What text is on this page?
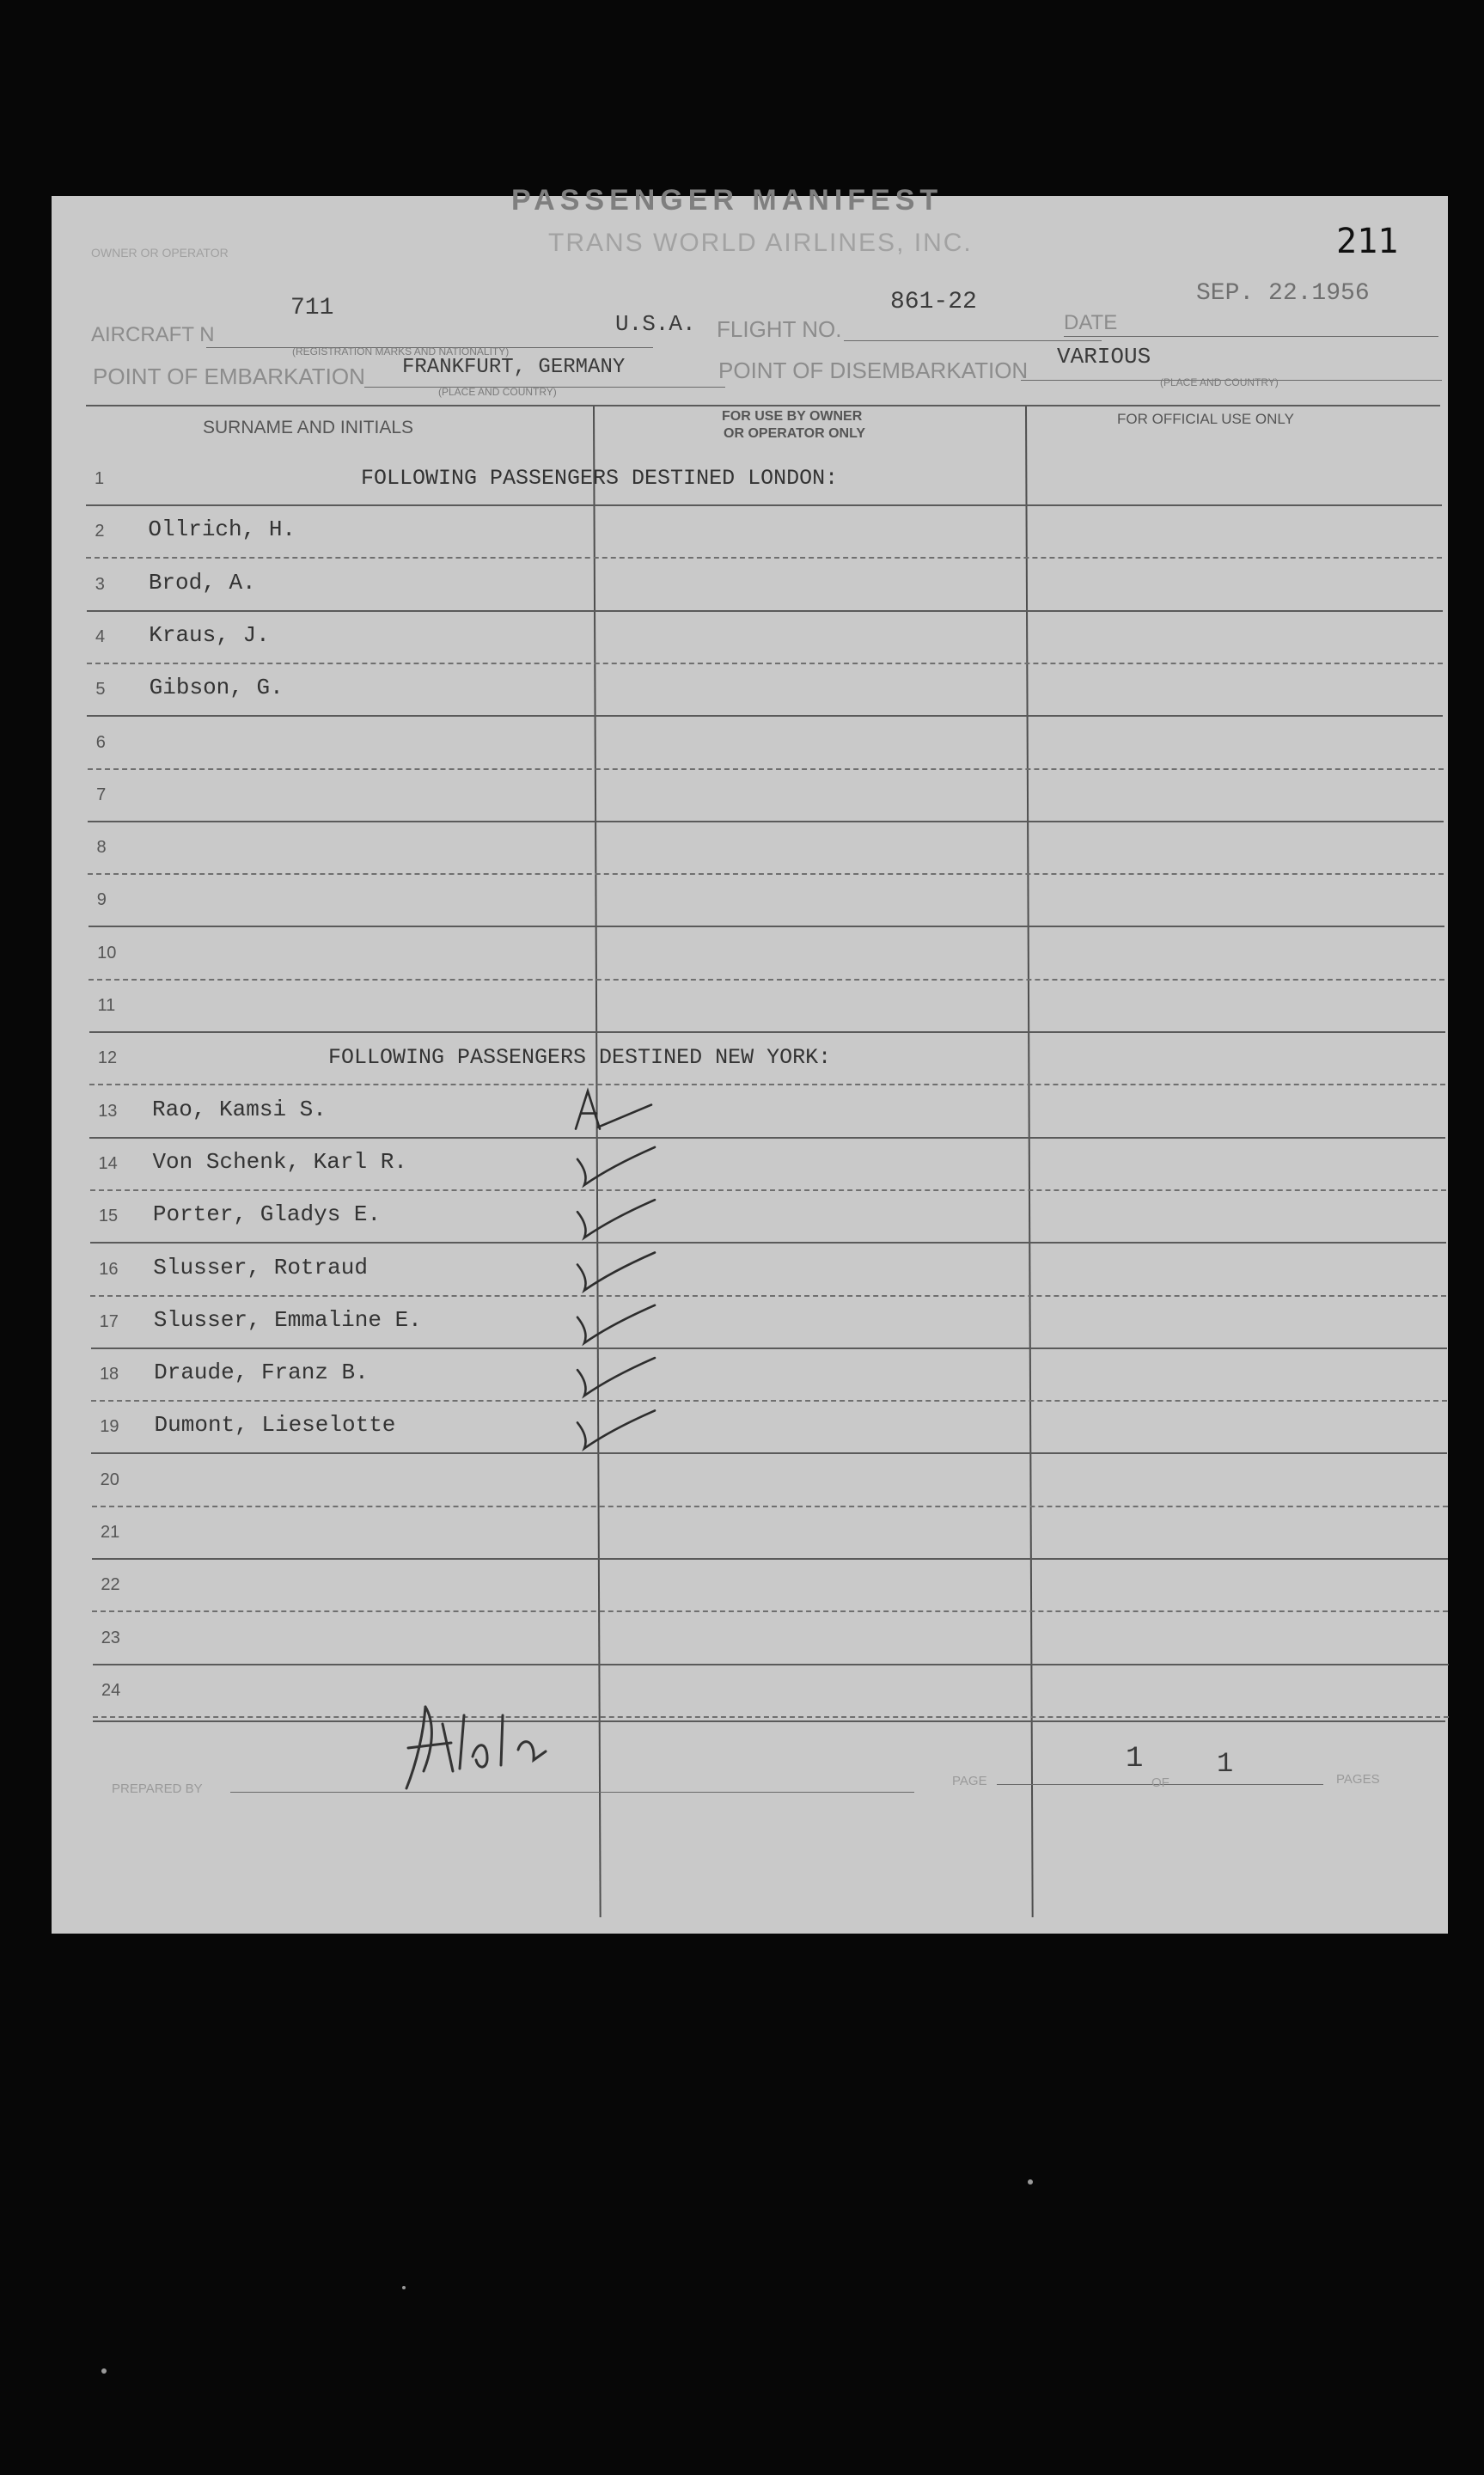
PASSENGER MANIFEST
OWNER OR OPERATOR	TRANS WORLD AIRLINES, INC.	211
AIRCRAFT N
711
(REGISTRATION MARKS AND NATIONALITY)
U.S.A. FLIGHT NO.
861-22
DATE
SEP. 22.1956
POINT OF EMBARKATION FRANKFURT, GERMANY
(PLACE AND COUNTRY)
POINT OF DISEMBARKATION
VARIOUS
(PLACE AND COUNTRY)
SURNAME AND INITIALS
FOR USE BY OWNER
OR OPERATOR ONLY
FOR OFFICIAL USE ONLY
1	FOLLOWING PASSENGERS DESTINED LONDON:
2 Ollrich, H.
3 Brod, A.
4 Kraus, J.
5 Gibson, G.
6
7
8
9
10
11
12	FOLLOWING PASSENGERS DESTINED NEW YORK:
13 Rao, Kamsi S.
14 Von Schenk, Karl R.
15 Porter, Gladys E.
16 Slusser, Rotraud
17 Slusser, Emmaline E.
18 Draude, Franz B.
19 Dumont, Lieselotte
20
21
22
23
24
PREPARED BY
PAGE
1
OF
1	PAGES
